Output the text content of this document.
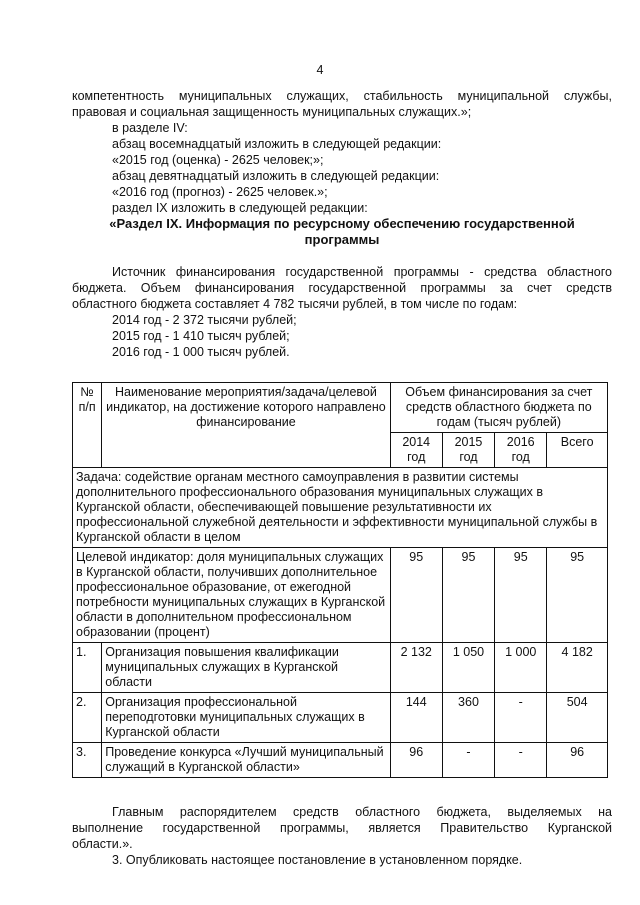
4

компетентность муниципальных служащих, стабильность муниципальной службы,

правовая и социальная защищенность муниципальных служащих.»;

в разделе IV:

абзац восемнадцатый изложить в следующей редакции:

«2015 год (оценка) - 2625 человек;»;

абзац девятнадцатый изложить в следующей редакции:

«2016 год (прогноз) - 2625 человек.»;

раздел IX изложить в следующей редакции:

«Раздел IX. Информация по ресурсному обеспечению государственной

программы

Источник финансирования государственной программы - средства областного

бюджета. Объем финансирования государственной программы за счет средств

областного бюджета составляет 4 782 тысячи рублей, в том числе по годам:

2014 год - 2 372 тысячи рублей;

2015 год - 1 410 тысяч рублей;

2016 год - 1 000 тысяч рублей.

№ п/п	Наименование мероприятия/задача/целевой индикатор, на достижение которого направлено финансирование	Объем финансирования за счет средств областного бюджета по годам (тысяч рублей)			
		2014 год	2015 год	2016 год	Всего
Задача: содействие органам местного самоуправления в развитии системы дополнительного профессионального образования муниципальных служащих в Курганской области, обеспечивающей повышение результативности их профессиональной служебной деятельности и эффективности муниципальной службы в Курганской области в целом					
Целевой индикатор: доля муниципальных служащих в Курганской области, получивших дополнительное профессиональное образование, от ежегодной потребности муниципальных служащих в Курганской области в дополнительном профессиональном образовании (процент)		95	95	95	95
1.	Организация повышения квалификации муниципальных служащих в Курганской области	2 132	1 050	1 000	4 182
2.	Организация профессиональной переподготовки муниципальных служащих в Курганской области	144	360	-	504
3.	Проведение конкурса «Лучший муниципальный служащий в Курганской области»	96	-	-	96

Главным распорядителем средств областного бюджета, выделяемых на

выполнение государственной программы, является Правительство Курганской

области.».

3. Опубликовать настоящее постановление в установленном порядке.
